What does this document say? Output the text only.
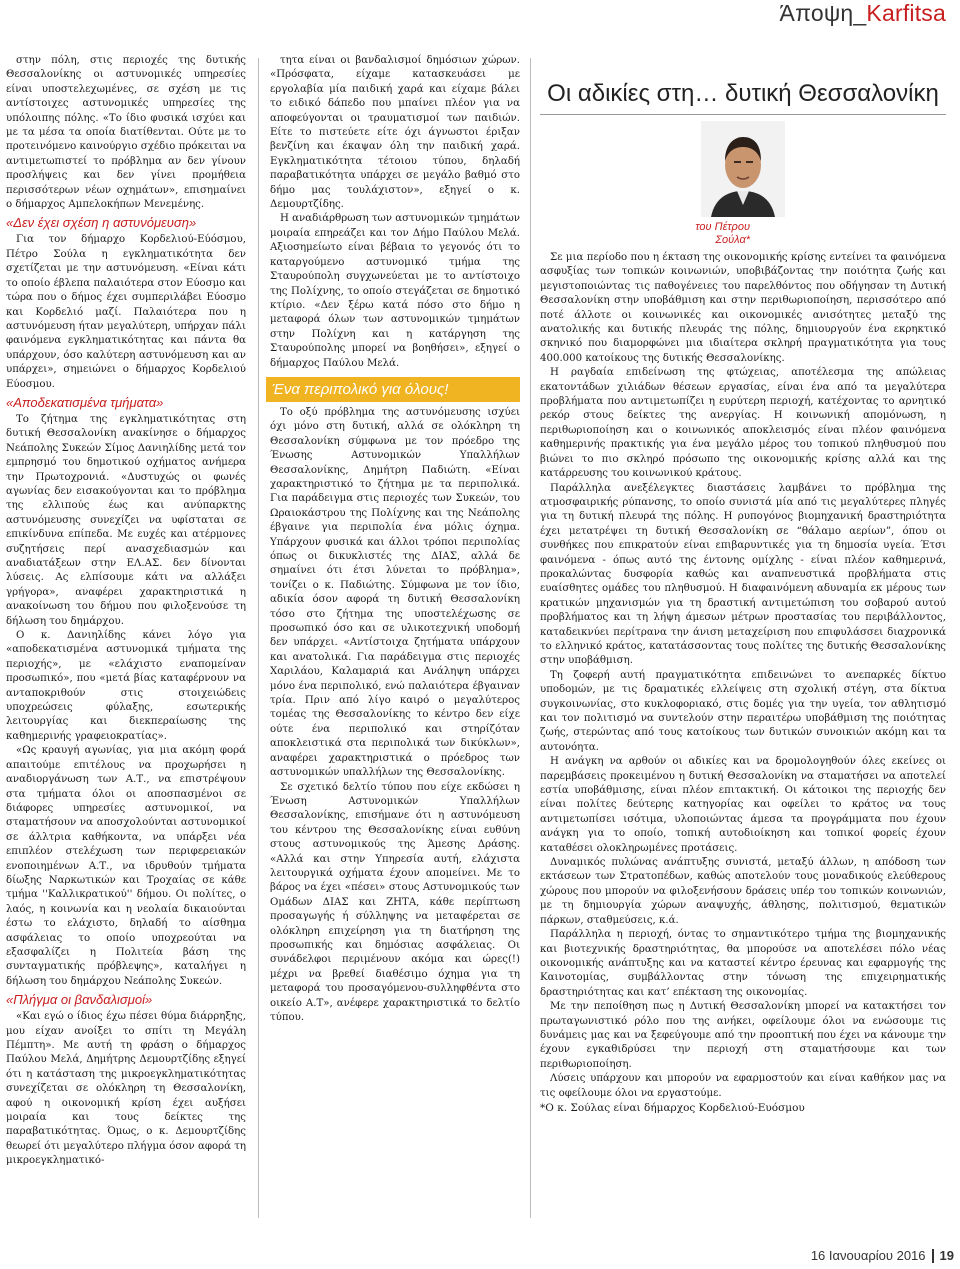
Άποψη_Karfitsa

στην πόλη, στις περιοχές της δυτικής Θεσσαλονίκης οι αστυνομικές υπηρεσίες είναι υποστελεχωμένες, σε σχέση με τις αντίστοιχες αστυνομικές υπηρεσίες της υπόλοιπης πόλης. «Το ίδιο φυσικά ισχύει και με τα μέσα τα οποία διατίθενται. Ούτε με το προτεινόμενο καινούργιο σχέδιο πρόκειται να αντιμετωπιστεί το πρόβλημα αν δεν γίνουν προσλήψεις και δεν γίνει προμήθεια περισσότερων νέων οχημάτων», επισημαίνει ο δήμαρχος Αμπελοκήπων Μενεμένης.

«Δεν έχει σχέση η αστυνόμευση»

Για τον δήμαρχο Κορδελιού-Εύόσμου, Πέτρο Σούλα η εγκληματικότητα δεν σχετίζεται με την αστυνόμευση. «Είναι κάτι το οποίο έβλεπα παλαιότερα στον Εύοσμο και τώρα που ο δήμος έχει συμπεριλάβει Εύοσμο και Κορδελιό μαζί. Παλαιότερα που η αστυνόμευση ήταν μεγαλύτερη, υπήρχαν πάλι φαινόμενα εγκληματικότητας και πάντα θα υπάρχουν, όσο καλύτερη αστυνόμευση και αν υπάρχει», σημειώνει ο δήμαρχος Κορδελιού Εύοσμου.

«Αποδεκατισμένα τμήματα»

Το ζήτημα της εγκληματικότητας στη δυτική Θεσσαλονίκη ανακίνησε ο δήμαρχος Νεάπολης Συκεών Σίμος Δανιηλίδης μετά τον εμπρησμό του δημοτικού οχήματος ανήμερα την Πρωτοχρονιά. «Δυστυχώς οι φωνές αγωνίας δεν εισακούγονται και το πρόβλημα της ελλιπούς έως και ανύπαρκτης αστυνόμευσης συνεχίζει να υφίσταται σε επικίνδυνα επίπεδα. Με ευχές και ατέρμονες συζητήσεις περί ανασχεδιασμών και αναδιατάξεων στην ΕΛ.ΑΣ. δεν δίνονται λύσεις. Ας ελπίσουμε κάτι να αλλάξει γρήγορα», αναφέρει χαρακτηριστικά η ανακοίνωση του δήμου που φιλοξενούσε τη δήλωση του δημάρχου.

Ο κ. Δανιηλίδης κάνει λόγο για «αποδεκατισμένα αστυνομικά τμήματα της περιοχής», με «ελάχιστο εναπομείναν προσωπικό», που «μετά βίας καταφέρνουν να ανταποκριθούν στις στοιχειώδεις υποχρεώσεις φύλαξης, εσωτερικής λειτουργίας και διεκπεραίωσης της καθημερινής γραφειοκρατίας».

«Ως κραυγή αγωνίας, για μια ακόμη φορά απαιτούμε επιτέλους να προχωρήσει η αναδιοργάνωση των Α.Τ., να επιστρέψουν στα τμήματα όλοι οι αποσπασμένοι σε διάφορες υπηρεσίες αστυνομικοί, να σταματήσουν να αποσχολούνται αστυνομικοί σε άλλτρια καθήκοντα, να υπάρξει νέα επιπλέον στελέχωση των περιφερειακών ενοποιημένων Α.Τ., να ιδρυθούν τμήματα δίωξης Ναρκωτικών και Τροχαίας σε κάθε τμήμα ''Καλλικρατικού'' δήμου. Οι πολίτες, ο λαός, η κοινωνία και η νεολαία δικαιούνται έστω το ελάχιστο, δηλαδή το αίσθημα ασφάλειας το οποίο υποχρεούται να εξασφαλίζει η Πολιτεία βάση της συνταγματικής πρόβλεψης», καταλήγει η δήλωση του δημάρχου Νεάπολης Συκεών.

«Πλήγμα οι βανδαλισμοί»

«Και εγώ ο ίδιος έχω πέσει θύμα διάρρηξης, μου είχαν ανοίξει το σπίτι τη Μεγάλη Πέμπτη». Με αυτή τη φράση ο δήμαρχος Παύλου Μελά, Δημήτρης Δεμουρτζίδης εξηγεί ότι η κατάσταση της μικροεγκληματικότητας συνεχίζεται σε ολόκληρη τη Θεσσαλονίκη, αφού η οικονομική κρίση έχει αυξήσει μοιραία και τους δείκτες της παραβατικότητας. Όμως, ο κ. Δεμουρτζίδης θεωρεί ότι μεγαλύτερο πλήγμα όσον αφορά τη μικροεγκληματικό-

τητα είναι οι βανδαλισμοί δημόσιων χώρων. «Πρόσφατα, είχαμε κατασκευάσει με εργολαβία μία παιδική χαρά και είχαμε βάλει το ειδικό δάπεδο που μπαίνει πλέον για να αποφεύγονται οι τραυματισμοί των παιδιών. Είτε το πιστεύετε είτε όχι άγνωστοι έριξαν βενζίνη και έκαψαν όλη την παιδική χαρά. Εγκληματικότητα τέτοιου τύπου, δηλαδή παραβατικότητα υπάρχει σε μεγάλο βαθμό στο δήμο μας τουλάχιστον», εξηγεί ο κ. Δεμουρτζίδης.

Η αναδιάρθρωση των αστυνομικών τμημάτων μοιραία επηρεάζει και τον Δήμο Παύλου Μελά. Αξιοσημείωτο είναι βέβαια το γεγονός ότι το καταργούμενο αστυνομικό τμήμα της Σταυρούπολη συγχωνεύεται με το αντίστοιχο της Πολίχνης, το οποίο στεγάζεται σε δημοτικό κτίριο. «Δεν ξέρω κατά πόσο στο δήμο η μεταφορά όλων των αστυνομικών τμημάτων στην Πολίχνη και η κατάργηση της Σταυρούπολης μπορεί να βοηθήσει», εξηγεί ο δήμαρχος Παύλου Μελά.

Ένα περιπολικό για όλους!

Το οξύ πρόβλημα της αστυνόμευσης ισχύει όχι μόνο στη δυτική, αλλά σε ολόκληρη τη Θεσσαλονίκη σύμφωνα με τον πρόεδρο της Ένωσης Αστυνομικών Υπαλλήλων Θεσσαλονίκης, Δημήτρη Παδιώτη. «Είναι χαρακτηριστικό το ζήτημα με τα περιπολικά. Για παράδειγμα στις περιοχές των Συκεών, του Ωραιοκάστρου της Πολίχνης και της Νεάπολης έβγαινε για περιπολία ένα μόλις όχημα. Υπάρχουν φυσικά και άλλοι τρόποι περιπολίας όπως οι δικυκλιστές της ΔΙΑΣ, αλλά δε σημαίνει ότι έτσι λύνεται το πρόβλημα», τονίζει ο κ. Παδιώτης. Σύμφωνα με τον ίδιο, αδικία όσον αφορά τη δυτική Θεσσαλονίκη τόσο στο ζήτημα της υποστελέχωσης σε προσωπικό όσο και σε υλικοτεχνική υποδομή δεν υπάρχει. «Αντίστοιχα ζητήματα υπάρχουν και ανατολικά. Για παράδειγμα στις περιοχές Χαριλάου, Καλαμαριά και Ανάληψη υπάρχει μόνο ένα περιπολικό, ενώ παλαιότερα έβγαιναν τρία. Πριν από λίγο καιρό ο μεγαλύτερος τομέας της Θεσσαλονίκης το κέντρο δεν είχε ούτε ένα περιπολικό και στηρίζόταν αποκλειστικά στα περιπολικά των δικύκλων», αναφέρει χαρακτηριστικά ο πρόεδρος των αστυνομικών υπαλλήλων της Θεσσαλονίκης.

Σε σχετικό δελτίο τύπου που είχε εκδώσει η Ένωση Αστυνομικών Υπαλλήλων Θεσσαλονίκης, επισήμανε ότι η αστυνόμευση του κέντρου της Θεσσαλονίκης είναι ευθύνη στους αστυνομικούς της Άμεσης Δράσης. «Αλλά και στην Υπηρεσία αυτή, ελάχιστα λειτουργικά οχήματα έχουν απομείνει. Με το βάρος να έχει «πέσει» στους Αστυνομικούς των Ομάδων ΔΙΑΣ και ΖΗΤΑ, κάθε περίπτωση προσαγωγής ή σύλληψης να μεταφέρεται σε ολόκληρη επιχείρηση για τη διατήρηση της προσωπικής και δημόσιας ασφάλειας. Οι συνάδελφοι περιμένουν ακόμα και ώρες(!) μέχρι να βρεθεί διαθέσιμο όχημα για τη μεταφορά του προσαγόμενου-συλληφθέντα στο οικείο Α.Τ», ανέφερε χαρακτηριστικά το δελτίο τύπου.

Οι αδικίες στη… δυτική Θεσσαλονίκη
του Πέτρου
Σούλα*

Σε μια περίοδο που η έκταση της οικονομικής κρίσης εντείνει τα φαινόμενα ασφυξίας των τοπικών κοινωνιών, υποβιβάζοντας την ποιότητα ζωής και μεγιστοποιώντας τις παθογένειες του παρελθόντος που οδήγησαν τη Δυτική Θεσσαλονίκη στην υποβάθμιση και στην περιθωριοποίηση, περισσότερο από ποτέ άλλοτε οι κοινωνικές και οικονομικές ανισότητες μεταξύ της ανατολικής και δυτικής πλευράς της πόλης, δημιουργούν ένα εκρηκτικό σκηνικό που διαμορφώνει μια ιδιαίτερα σκληρή πραγματικότητα για τους 400.000 κατοίκους της δυτικής Θεσσαλονίκης.

Η ραγδαία επιδείνωση της φτώχειας, αποτέλεσμα της απώλειας εκατοντάδων χιλιάδων θέσεων εργασίας, είναι ένα από τα μεγαλύτερα προβλήματα που αντιμετωπίζει η ευρύτερη περιοχή, κατέχοντας το αρνητικό ρεκόρ στους δείκτες της ανεργίας. Η κοινωνική απομόνωση, η περιθωριοποίηση και ο κοινωνικός αποκλεισμός είναι πλέον φαινόμενα καθημερινής πρακτικής για ένα μεγάλο μέρος του τοπικού πληθυσμού που βιώνει το πιο σκληρό πρόσωπο της οικονομικής κρίσης αλλά και της κατάρρευσης του κοινωνικού κράτους.

Παράλληλα ανεξέλεγκτες διαστάσεις λαμβάνει το πρόβλημα της ατμοσφαιρικής ρύπανσης, το οποίο συνιστά μία από τις μεγαλύτερες πληγές για τη δυτική πλευρά της πόλης. Η ρυπογόνος βιομηχανική δραστηριότητα έχει μετατρέψει τη δυτική Θεσσαλονίκη σε “θάλαμο αερίων”, όπου οι συνθήκες που επικρατούν είναι επιβαρυντικές για τη δημοσία υγεία. Έτσι φαινόμενα - όπως αυτό της έντονης ομίχλης - είναι πλέον καθημερινά, προκαλώντας δυσφορία καθώς και αναπνευστικά προβλήματα στις ευαίσθητες ομάδες του πληθυσμού. Η διαφαινόμενη αδυναμία εκ μέρους των κρατικών μηχανισμών για τη δραστική αντιμετώπιση του σοβαρού αυτού προβλήματος και τη λήψη άμεσων μέτρων προστασίας του περιβάλλοντος, καταδεικνύει περίτρανα την άνιση μεταχείριση που επιφυλάσσει διαχρονικά το ελληνικό κράτος, κατατάσσοντας τους πολίτες της δυτικής Θεσσαλονίκης στην υποβάθμιση.

Τη ζοφερή αυτή πραγματικότητα επιδεινώνει το ανεπαρκές δίκτυο υποδομών, με τις δραματικές ελλείψεις στη σχολική στέγη, στα δίκτυα συγκοινωνίας, στο κυκλοφοριακό, στις δομές για την υγεία, τον αθλητισμό και τον πολιτισμό να συντελούν στην περαιτέρω υποβάθμιση της ποιότητας ζωής, στερώντας από τους κατοίκους των δυτικών συνοικιών ακόμη και τα αυτονόητα.

Η ανάγκη να αρθούν οι αδικίες και να δρομολογηθούν όλες εκείνες οι παρεμβάσεις προκειμένου η δυτική Θεσσαλονίκη να σταματήσει να αποτελεί εστία υποβάθμισης, είναι πλέον επιτακτική. Οι κάτοικοι της περιοχής δεν είναι πολίτες δεύτερης κατηγορίας και οφείλει το κράτος να τους αντιμετωπίσει ισότιμα, υλοποιώντας άμεσα τα προγράμματα που έχουν ανάγκη για το οποίο, τοπική αυτοδιοίκηση και τοπικοί φορείς έχουν καταθέσει ολοκληρωμένες προτάσεις.

Δυναμικός πυλώνας ανάπτυξης συνιστά, μεταξύ άλλων, η απόδοση των εκτάσεων των Στρατοπέδων, καθώς αποτελούν τους μοναδικούς ελεύθερους χώρους που μπορούν να φιλοξενήσουν δράσεις υπέρ του τοπικών κοινωνιών, με τη δημιουργία χώρων αναψυχής, άθλησης, πολιτισμού, θεματικών πάρκων, σταθμεύσεις, κ.ά.

Παράλληλα η περιοχή, όντας το σημαντικότερο τμήμα της βιομηχανικής και βιοτεχνικής δραστηριότητας, θα μπορούσε να αποτελέσει πόλο νέας οικονομικής ανάπτυξης και να καταστεί κέντρο έρευνας και εφαρμογής της Καινοτομίας, συμβάλλοντας στην τόνωση της επιχειρηματικής δραστηριότητας και κατ’ επέκταση της οικονομίας.

Με την πεποίθηση πως η Δυτική Θεσσαλονίκη μπορεί να κατακτήσει τον πρωταγωνιστικό ρόλο που της ανήκει, οφείλουμε όλοι να ενώσουμε τις δυνάμεις μας και να ξεφεύγουμε από την προοπτική που έχει να κάνουμε την έχουν εγκαθιδρύσει την περιοχή στη σταματήσουμε και των περιθωριοποίηση.

Λύσεις υπάρχουν και μπορούν να εφαρμοστούν και είναι καθήκον μας να τις οφείλουμε όλοι να εργαστούμε.

*Ο κ. Σούλας είναι δήμαρχος Κορδελιού-Ευόσμου

16 Ιανουαρίου 2016 19
